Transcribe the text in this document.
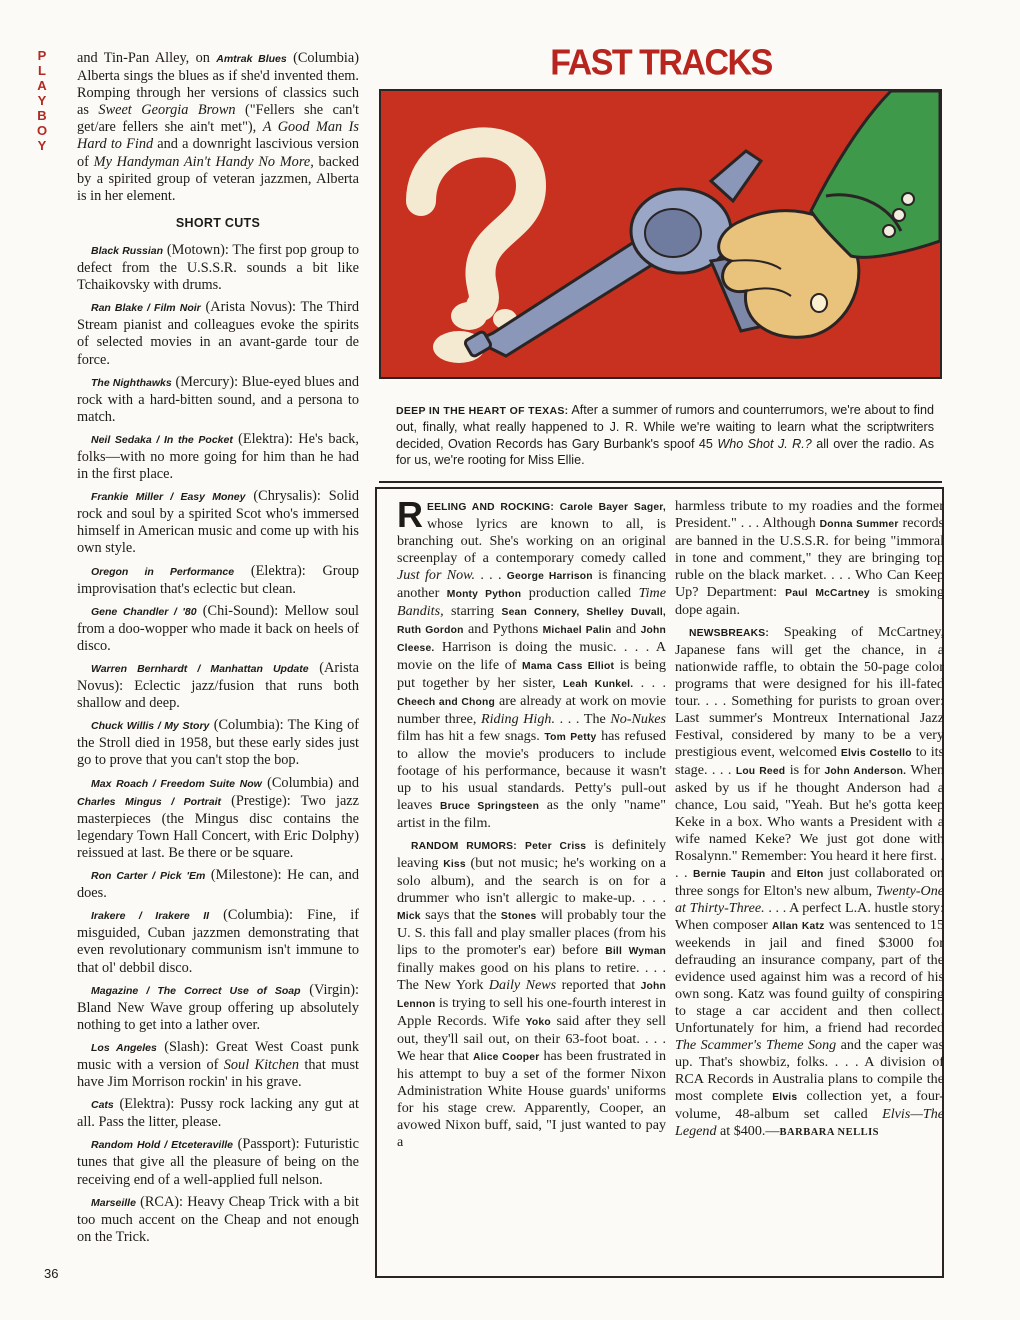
P
L
A
Y
B
O
Y
36

and Tin-Pan Alley, on Amtrak Blues (Columbia) Alberta sings the blues as if she'd invented them. Romping through her versions of classics such as Sweet Georgia Brown ("Fellers she can't get/are fellers she ain't met"), A Good Man Is Hard to Find and a downright lascivious version of My Handyman Ain't Handy No More, backed by a spirited group of veteran jazzmen, Alberta is in her element.

SHORT CUTS

Black Russian (Motown): The first pop group to defect from the U.S.S.R. sounds a bit like Tchaikovsky with drums.

Ran Blake / Film Noir (Arista Novus): The Third Stream pianist and colleagues evoke the spirits of selected movies in an avant-garde tour de force.

The Nighthawks (Mercury): Blue-eyed blues and rock with a hard-bitten sound, and a persona to match.

Neil Sedaka / In the Pocket (Elektra): He's back, folks—with no more going for him than he had in the first place.

Frankie Miller / Easy Money (Chrysalis): Solid rock and soul by a spirited Scot who's immersed himself in American music and come up with his own style.

Oregon in Performance (Elektra): Group improvisation that's eclectic but clean.

Gene Chandler / '80 (Chi-Sound): Mellow soul from a doo-wopper who made it back on heels of disco.

Warren Bernhardt / Manhattan Update (Arista Novus): Eclectic jazz/fusion that runs both shallow and deep.

Chuck Willis / My Story (Columbia): The King of the Stroll died in 1958, but these early sides just go to prove that you can't stop the bop.

Max Roach / Freedom Suite Now (Columbia) and Charles Mingus / Portrait (Prestige): Two jazz masterpieces (the Mingus disc contains the legendary Town Hall Concert, with Eric Dolphy) reissued at last. Be there or be square.

Ron Carter / Pick 'Em (Milestone): He can, and does.

Irakere / Irakere II (Columbia): Fine, if misguided, Cuban jazzmen demonstrating that even revolutionary communism isn't immune to that ol' debbil disco.

Magazine / The Correct Use of Soap (Virgin): Bland New Wave group offering up absolutely nothing to get into a lather over.

Los Angeles (Slash): Great West Coast punk music with a version of Soul Kitchen that must have Jim Morrison rockin' in his grave.

Cats (Elektra): Pussy rock lacking any gut at all. Pass the litter, please.

Random Hold / Etceteraville (Passport): Futuristic tunes that give all the pleasure of being on the receiving end of a well-applied full nelson.

Marseille (RCA): Heavy Cheap Trick with a bit too much accent on the Cheap and not enough on the Trick.

FAST TRACKS
DEEP IN THE HEART OF TEXAS: After a summer of rumors and counterrumors, we're about to find out, finally, what really happened to J. R. While we're waiting to learn what the scriptwriters decided, Ovation Records has Gary Burbank's spoof 45 Who Shot J. R.? all over the radio. As for us, we're rooting for Miss Ellie.

REELING AND ROCKING: Carole Bayer Sager, whose lyrics are known to all, is branching out. She's working on an original screenplay of a contemporary comedy called Just for Now. . . . George Harrison is financing another Monty Python production called Time Bandits, starring Sean Connery, Shelley Duvall, Ruth Gordon and Pythons Michael Palin and John Cleese. Harrison is doing the music. . . . A movie on the life of Mama Cass Elliot is being put together by her sister, Leah Kunkel. . . . Cheech and Chong are already at work on movie number three, Riding High. . . . The No-Nukes film has hit a few snags. Tom Petty has refused to allow the movie's producers to include footage of his performance, because it wasn't up to his usual standards. Petty's pull-out leaves Bruce Springsteen as the only "name" artist in the film.

RANDOM RUMORS: Peter Criss is definitely leaving Kiss (but not music; he's working on a solo album), and the search is on for a drummer who isn't allergic to make-up. . . . Mick says that the Stones will probably tour the U. S. this fall and play smaller places (from his lips to the promoter's ear) before Bill Wyman finally makes good on his plans to retire. . . . The New York Daily News reported that John Lennon is trying to sell his one-fourth interest in Apple Records. Wife Yoko said after they sell out, they'll sail out, on their 63-foot boat. . . . We hear that Alice Cooper has been frustrated in his attempt to buy a set of the former Nixon Administration White House guards' uniforms for his stage crew. Apparently, Cooper, an avowed Nixon buff, said, "I just wanted to pay a

harmless tribute to my roadies and the former President." . . . Although Donna Summer records are banned in the U.S.S.R. for being "immoral in tone and comment," they are bringing top ruble on the black market. . . . Who Can Keep Up? Department: Paul McCartney is smoking dope again.

NEWSBREAKS: Speaking of McCartney, Japanese fans will get the chance, in a nationwide raffle, to obtain the 50-page color programs that were designed for his ill-fated tour. . . . Something for purists to groan over: Last summer's Montreux International Jazz Festival, considered by many to be a very prestigious event, welcomed Elvis Costello to its stage. . . . Lou Reed is for John Anderson. When asked by us if he thought Anderson had a chance, Lou said, "Yeah. But he's gotta keep Keke in a box. Who wants a President with a wife named Keke? We just got done with Rosalynn." Remember: You heard it here first. . . . Bernie Taupin and Elton just collaborated on three songs for Elton's new album, Twenty-One at Thirty-Three. . . . A perfect L.A. hustle story: When composer Allan Katz was sentenced to 15 weekends in jail and fined $3000 for defrauding an insurance company, part of the evidence used against him was a record of his own song. Katz was found guilty of conspiring to stage a car accident and then collect. Unfortunately for him, a friend had recorded The Scammer's Theme Song and the caper was up. That's showbiz, folks. . . . A division of RCA Records in Australia plans to compile the most complete Elvis collection yet, a four-volume, 48-album set called Elvis—The Legend at $400.—BARBARA NELLIS
